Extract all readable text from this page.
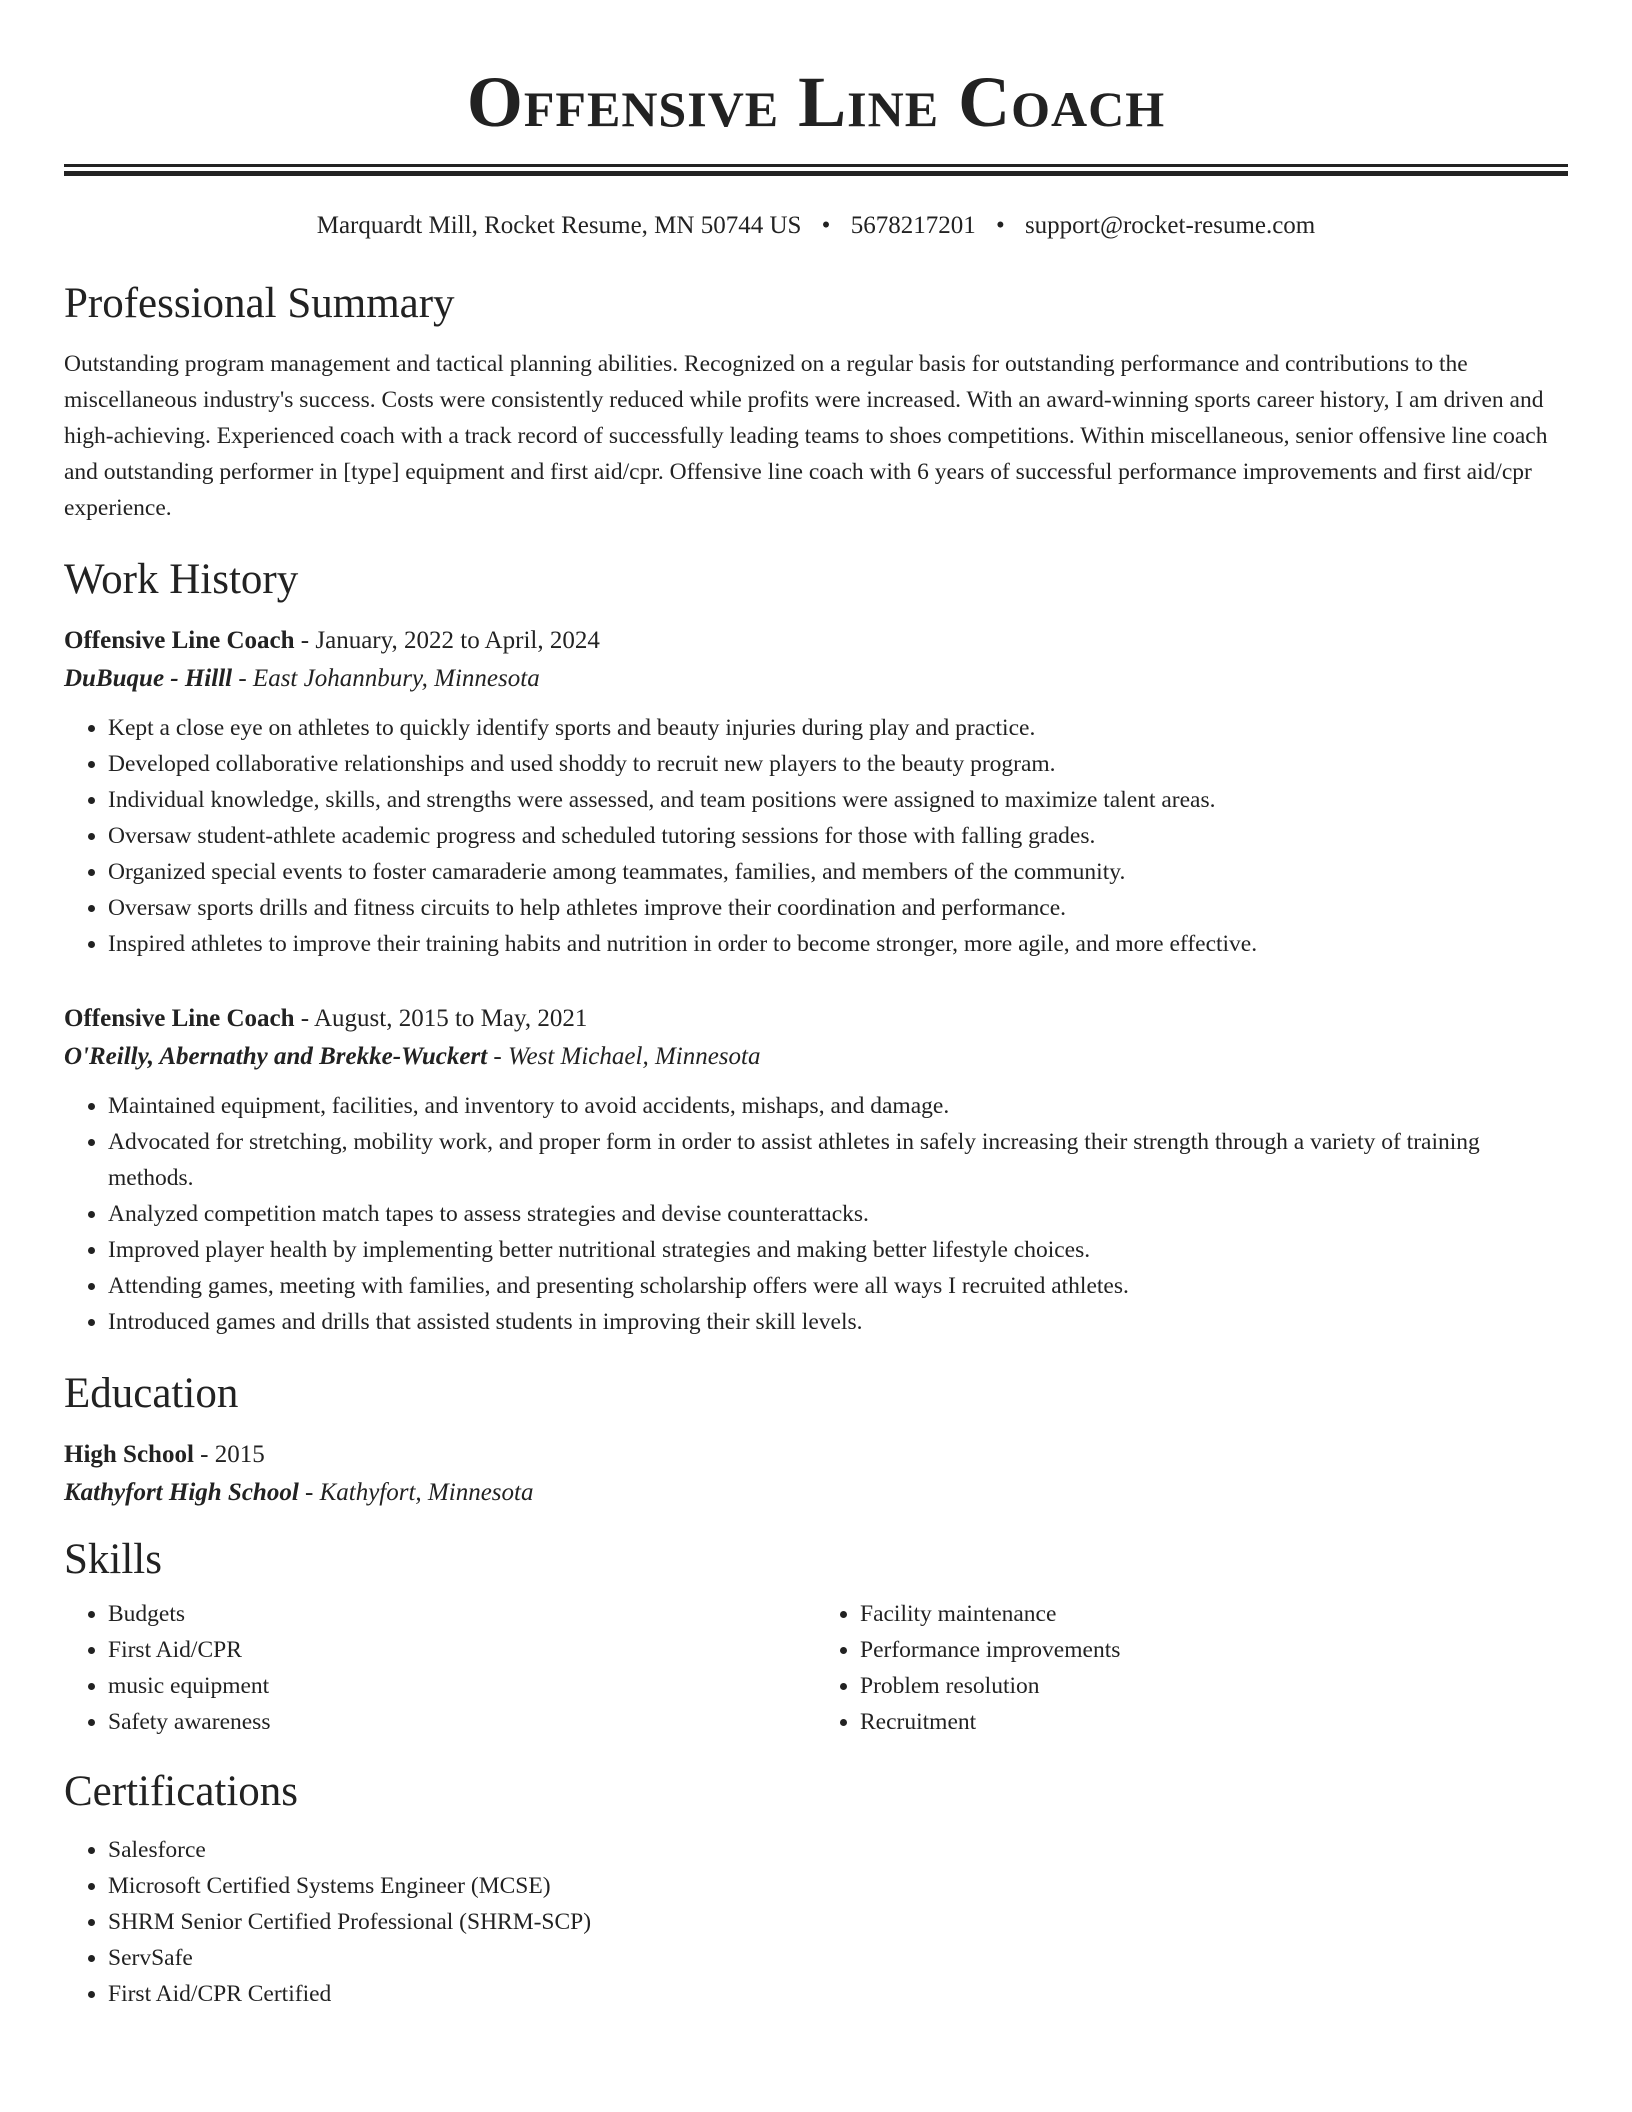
Offensive Line Coach
Marquardt Mill, Rocket Resume, MN 50744 US • 5678217201 • support@rocket-resume.com
Professional Summary

Outstanding program management and tactical planning abilities. Recognized on a regular basis for outstanding performance and contributions to the miscellaneous industry's success. Costs were consistently reduced while profits were increased. With an award-winning sports career history, I am driven and high-achieving. Experienced coach with a track record of successfully leading teams to shoes competitions. Within miscellaneous, senior offensive line coach and outstanding performer in [type] equipment and first aid/cpr. Offensive line coach with 6 years of successful performance improvements and first aid/cpr experience.

Work History
Offensive Line Coach - January, 2022 to April, 2024
DuBuque - Hilll - East Johannbury, Minnesota
• Kept a close eye on athletes to quickly identify sports and beauty injuries during play and practice.
• Developed collaborative relationships and used shoddy to recruit new players to the beauty program.
• Individual knowledge, skills, and strengths were assessed, and team positions were assigned to maximize talent areas.
• Oversaw student-athlete academic progress and scheduled tutoring sessions for those with falling grades.
• Organized special events to foster camaraderie among teammates, families, and members of the community.
• Oversaw sports drills and fitness circuits to help athletes improve their coordination and performance.
• Inspired athletes to improve their training habits and nutrition in order to become stronger, more agile, and more effective.
Offensive Line Coach - August, 2015 to May, 2021
O'Reilly, Abernathy and Brekke-Wuckert - West Michael, Minnesota
• Maintained equipment, facilities, and inventory to avoid accidents, mishaps, and damage.
• Advocated for stretching, mobility work, and proper form in order to assist athletes in safely increasing their strength through a variety of training methods.
• Analyzed competition match tapes to assess strategies and devise counterattacks.
• Improved player health by implementing better nutritional strategies and making better lifestyle choices.
• Attending games, meeting with families, and presenting scholarship offers were all ways I recruited athletes.
• Introduced games and drills that assisted students in improving their skill levels.
Education
High School - 2015
Kathyfort High School - Kathyfort, Minnesota
Skills
• Budgets
• First Aid/CPR
• music equipment
• Safety awareness
• Facility maintenance
• Performance improvements
• Problem resolution
• Recruitment
Certifications
• Salesforce
• Microsoft Certified Systems Engineer (MCSE)
• SHRM Senior Certified Professional (SHRM-SCP)
• ServSafe
• First Aid/CPR Certified
